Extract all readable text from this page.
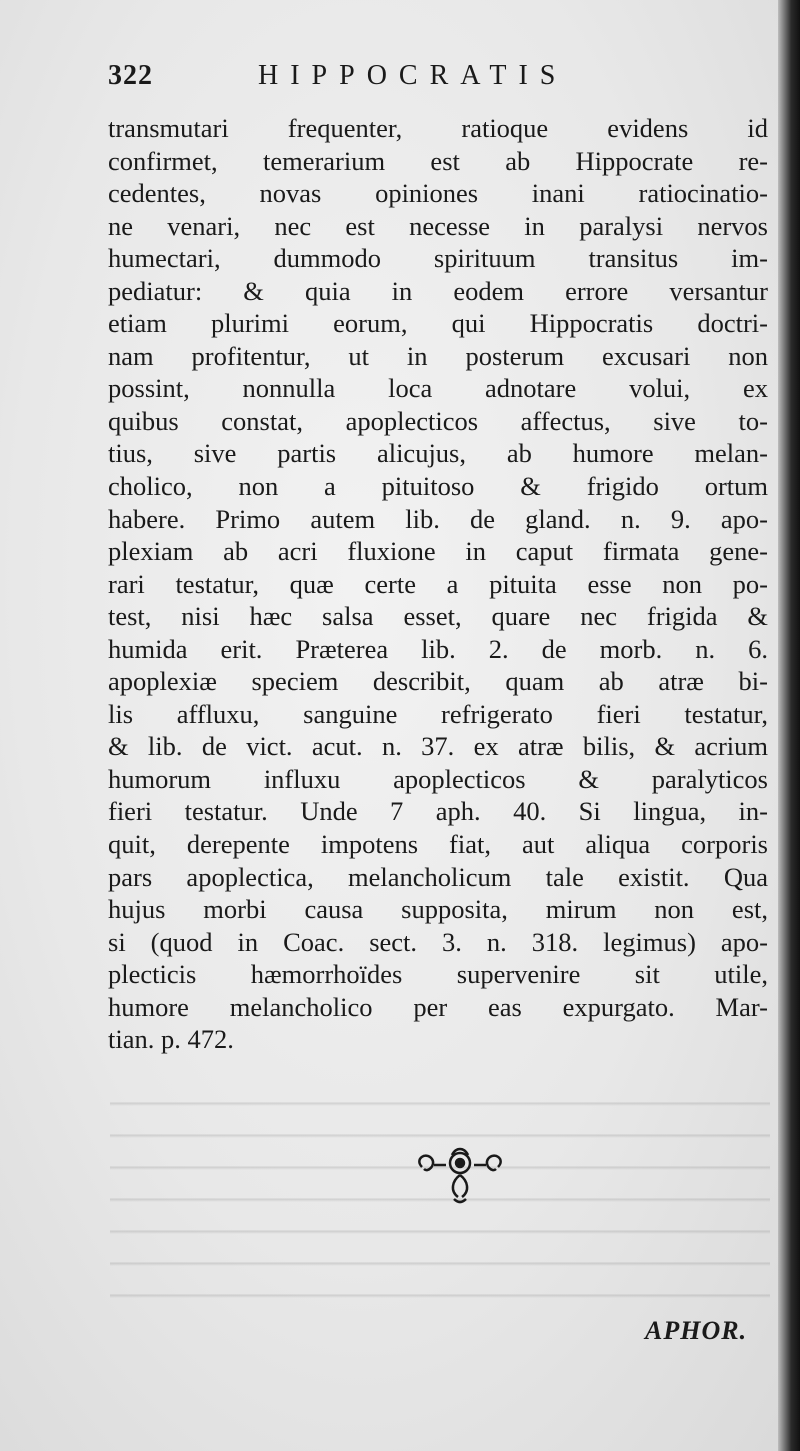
322	HIPPOCRATIS
transmutari frequenter, ratioque evidens id
confirmet, temerarium est ab Hippocrate re-
cedentes, novas opiniones inani ratiocinatio-
ne venari, nec est necesse in paralysi nervos
humectari, dummodo spirituum transitus im-
pediatur: & quia in eodem errore versantur
etiam plurimi eorum, qui Hippocratis doctri-
nam profitentur, ut in posterum excusari non
possint, nonnulla loca adnotare volui, ex
quibus constat, apoplecticos affectus, sive to-
tius, sive partis alicujus, ab humore melan-
cholico, non a pituitoso & frigido ortum
habere. Primo autem lib. de gland. n. 9. apo-
plexiam ab acri fluxione in caput firmata gene-
rari testatur, quæ certe a pituita esse non po-
test, nisi hæc salsa esset, quare nec frigida &
humida erit. Præterea lib. 2. de morb. n. 6.
apoplexiæ speciem describit, quam ab atræ bi-
lis affluxu, sanguine refrigerato fieri testatur,
& lib. de vict. acut. n. 37. ex atræ bilis, & acrium
humorum influxu apoplecticos & paralyticos
fieri testatur. Unde 7 aph. 40. Si lingua, in-
quit, derepente impotens fiat, aut aliqua corporis
pars apoplectica, melancholicum tale existit. Qua
hujus morbi causa supposita, mirum non est,
si (quod in Coac. sect. 3. n. 318. legimus) apo-
plecticis hæmorrhoïdes supervenire sit utile,
humore melancholico per eas expurgato. Mar-
tian. p. 472.
APHOR.
